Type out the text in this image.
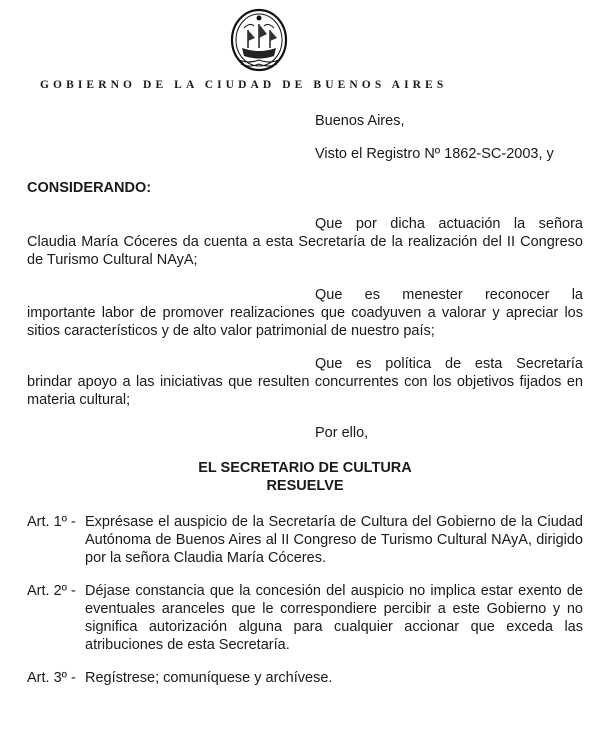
GOBIERNO DE LA CIUDAD DE BUENOS AIRES
Buenos Aires,
Visto el Registro Nº 1862-SC-2003, y
CONSIDERANDO:
Que por dicha actuación la señora
Claudia María Cóceres da cuenta a esta Secretaría de la realización del II Congreso de Turismo Cultural NAyA;
Que es menester reconocer la
importante labor de promover realizaciones que coadyuven a valorar y apreciar los sitios característicos y de alto valor patrimonial de nuestro país;
Que es política de esta Secretaría
brindar apoyo a las iniciativas que resulten concurrentes con los objetivos fijados en materia cultural;
Por ello,
EL SECRETARIO DE CULTURA
RESUELVE
Art. 1º - Exprésase el auspicio de la Secretaría de Cultura del Gobierno de la Ciudad Autónoma de Buenos Aires al II Congreso de Turismo Cultural NAyA, dirigido por la señora Claudia María Cóceres.
Art. 2º - Déjase constancia que la concesión del auspicio no implica estar exento de eventuales aranceles que le correspondiere percibir a este Gobierno y no significa autorización alguna para cualquier accionar que exceda las atribuciones de esta Secretaría.
Art. 3º - Regístrese; comuníquese y archívese.
